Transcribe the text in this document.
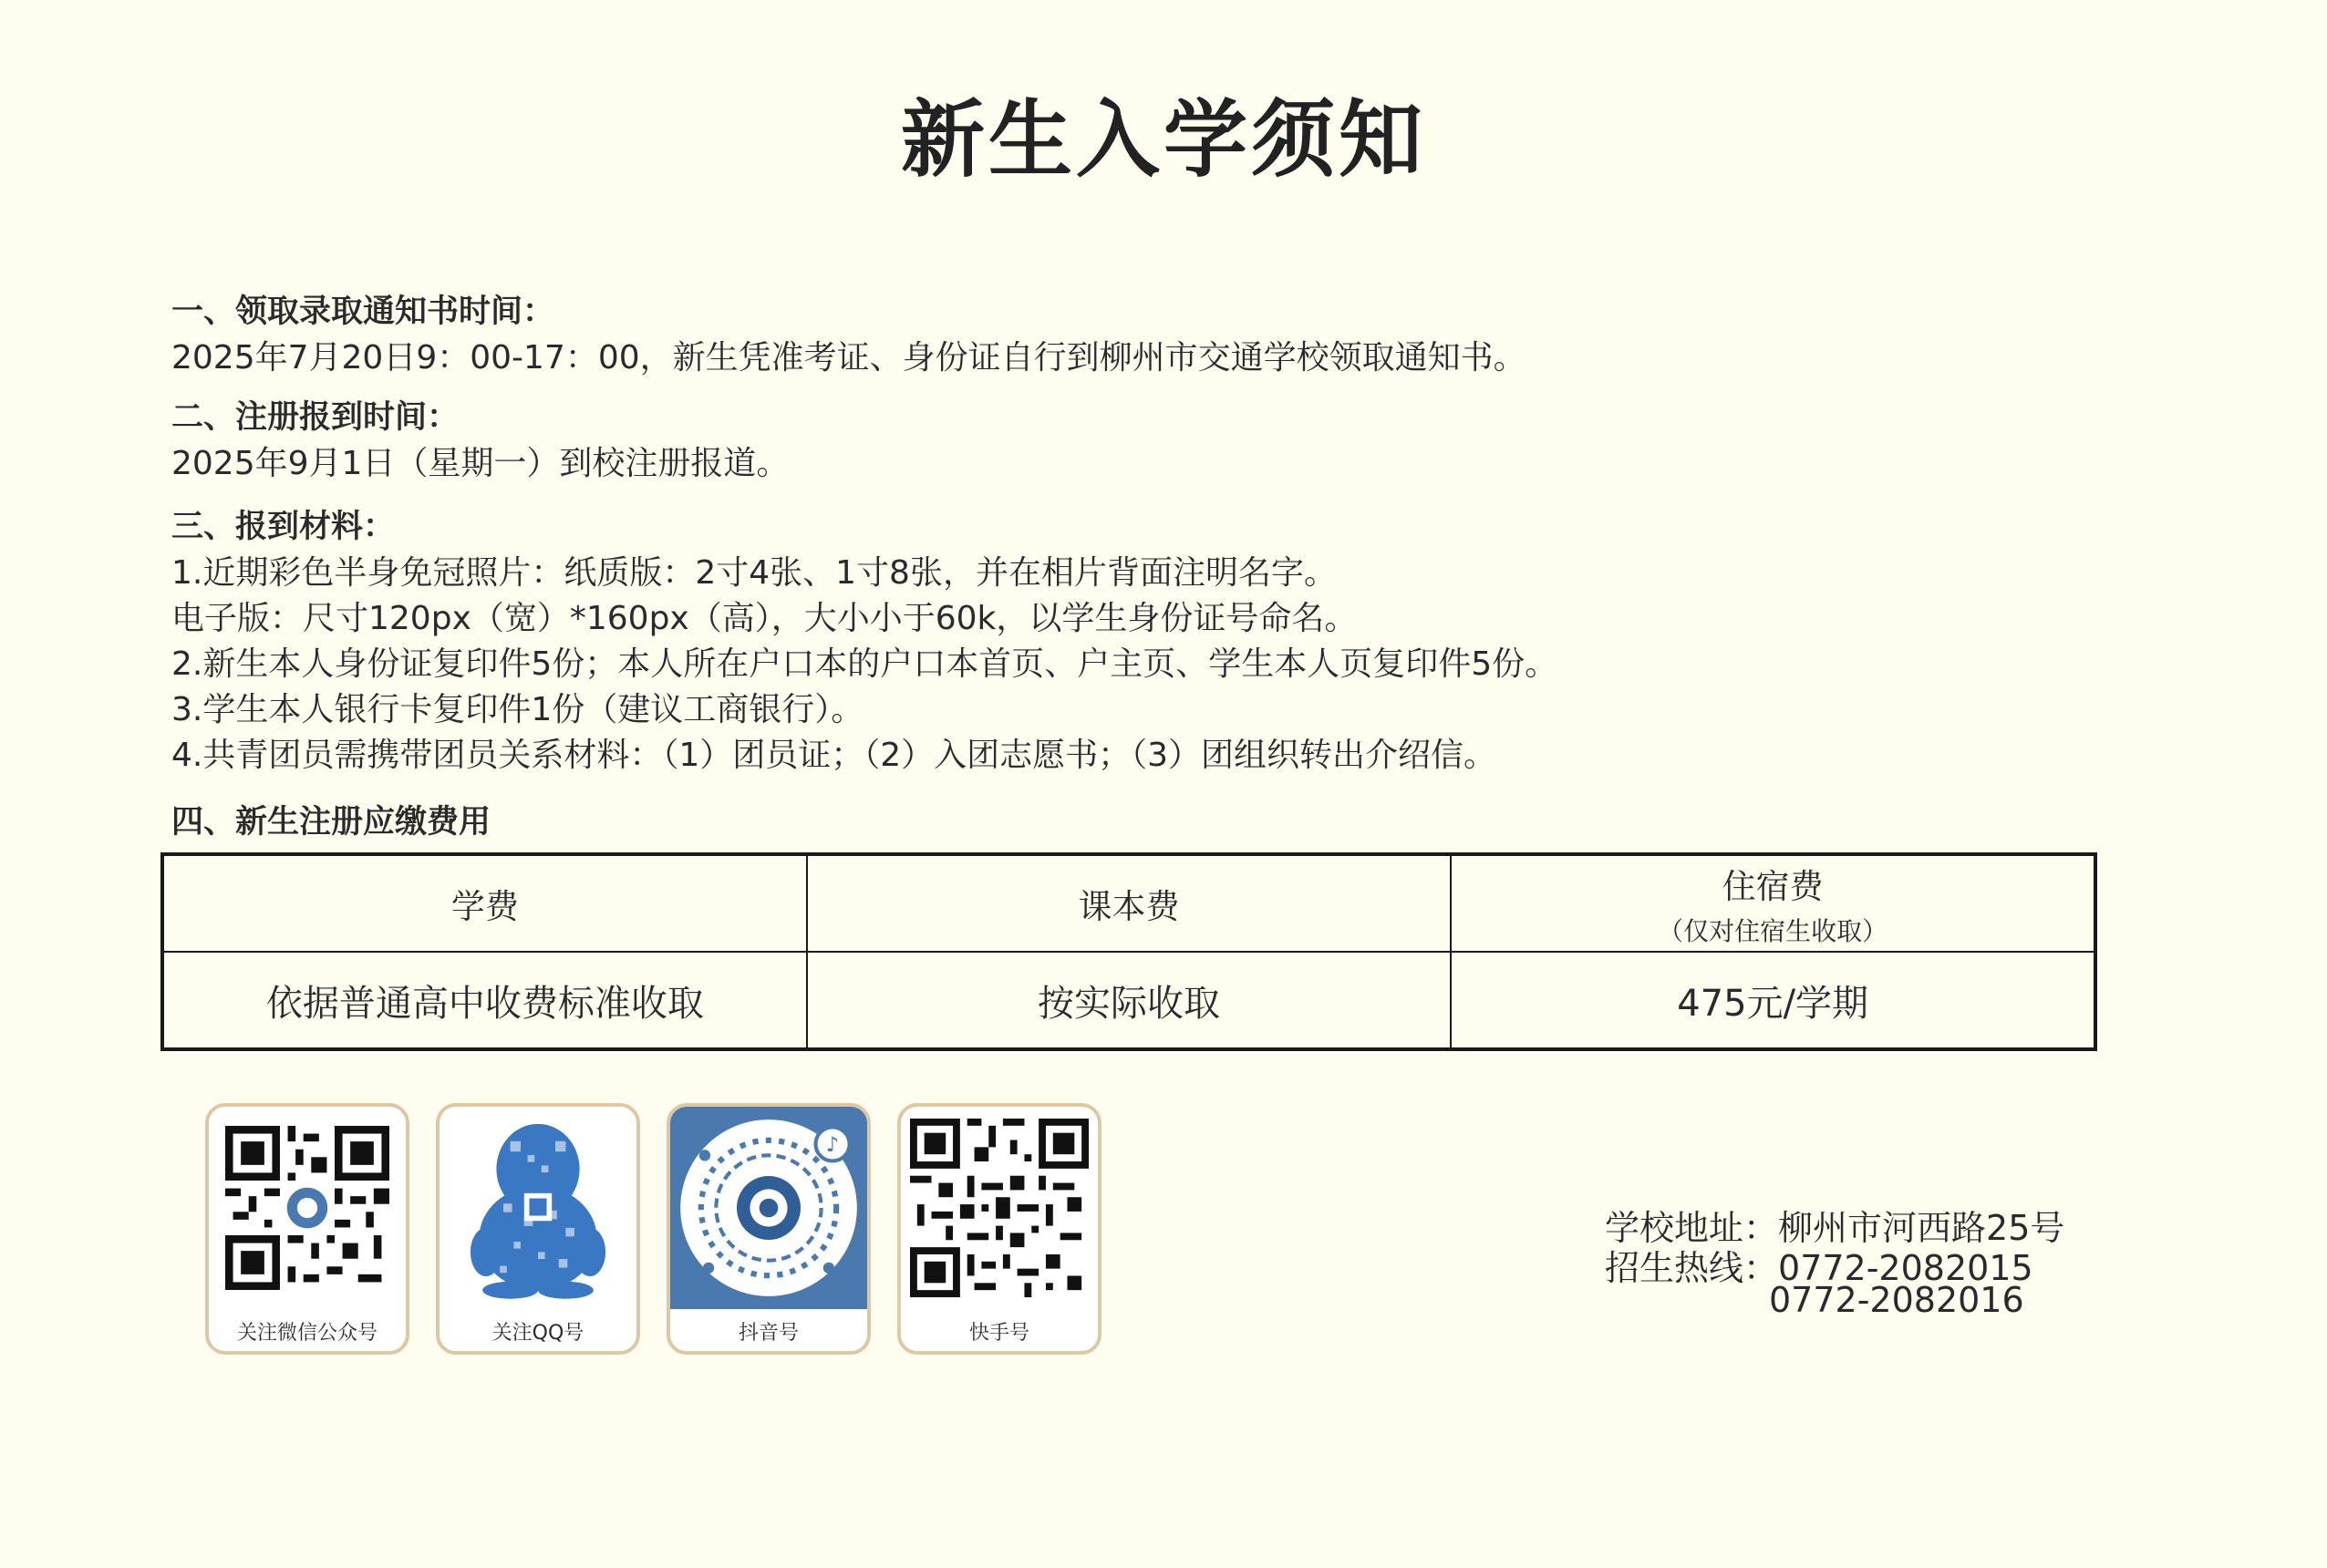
新生入学须知

一、领取录取通知书时间：

2025年7月20日9：00-17：00，新生凭准考证、身份证自行到柳州市交通学校领取通知书。

二、注册报到时间：

2025年9月1日（星期一）到校注册报道。

三、报到材料：

1.近期彩色半身免冠照片：纸质版：2寸4张、1寸8张，并在相片背面注明名字。

电子版：尺寸120px（宽）*160px（高），大小小于60k，以学生身份证号命名。

2.新生本人身份证复印件5份；本人所在户口本的户口本首页、户主页、学生本人页复印件5份。

3.学生本人银行卡复印件1份（建议工商银行）。

4.共青团员需携带团员关系材料：（1）团员证；（2）入团志愿书；（3）团组织转出介绍信。

四、新生注册应缴费用

学费	课本费	住宿费
（仅对住宿生收取）

依据普通高中收费标准收取	按实际收取	475元/学期
关注微信公众号	关注QQ号
♪
抖音号	快手号

学校地址：柳州市河西路25号

招生热线：0772-2082015

0772-2082016
